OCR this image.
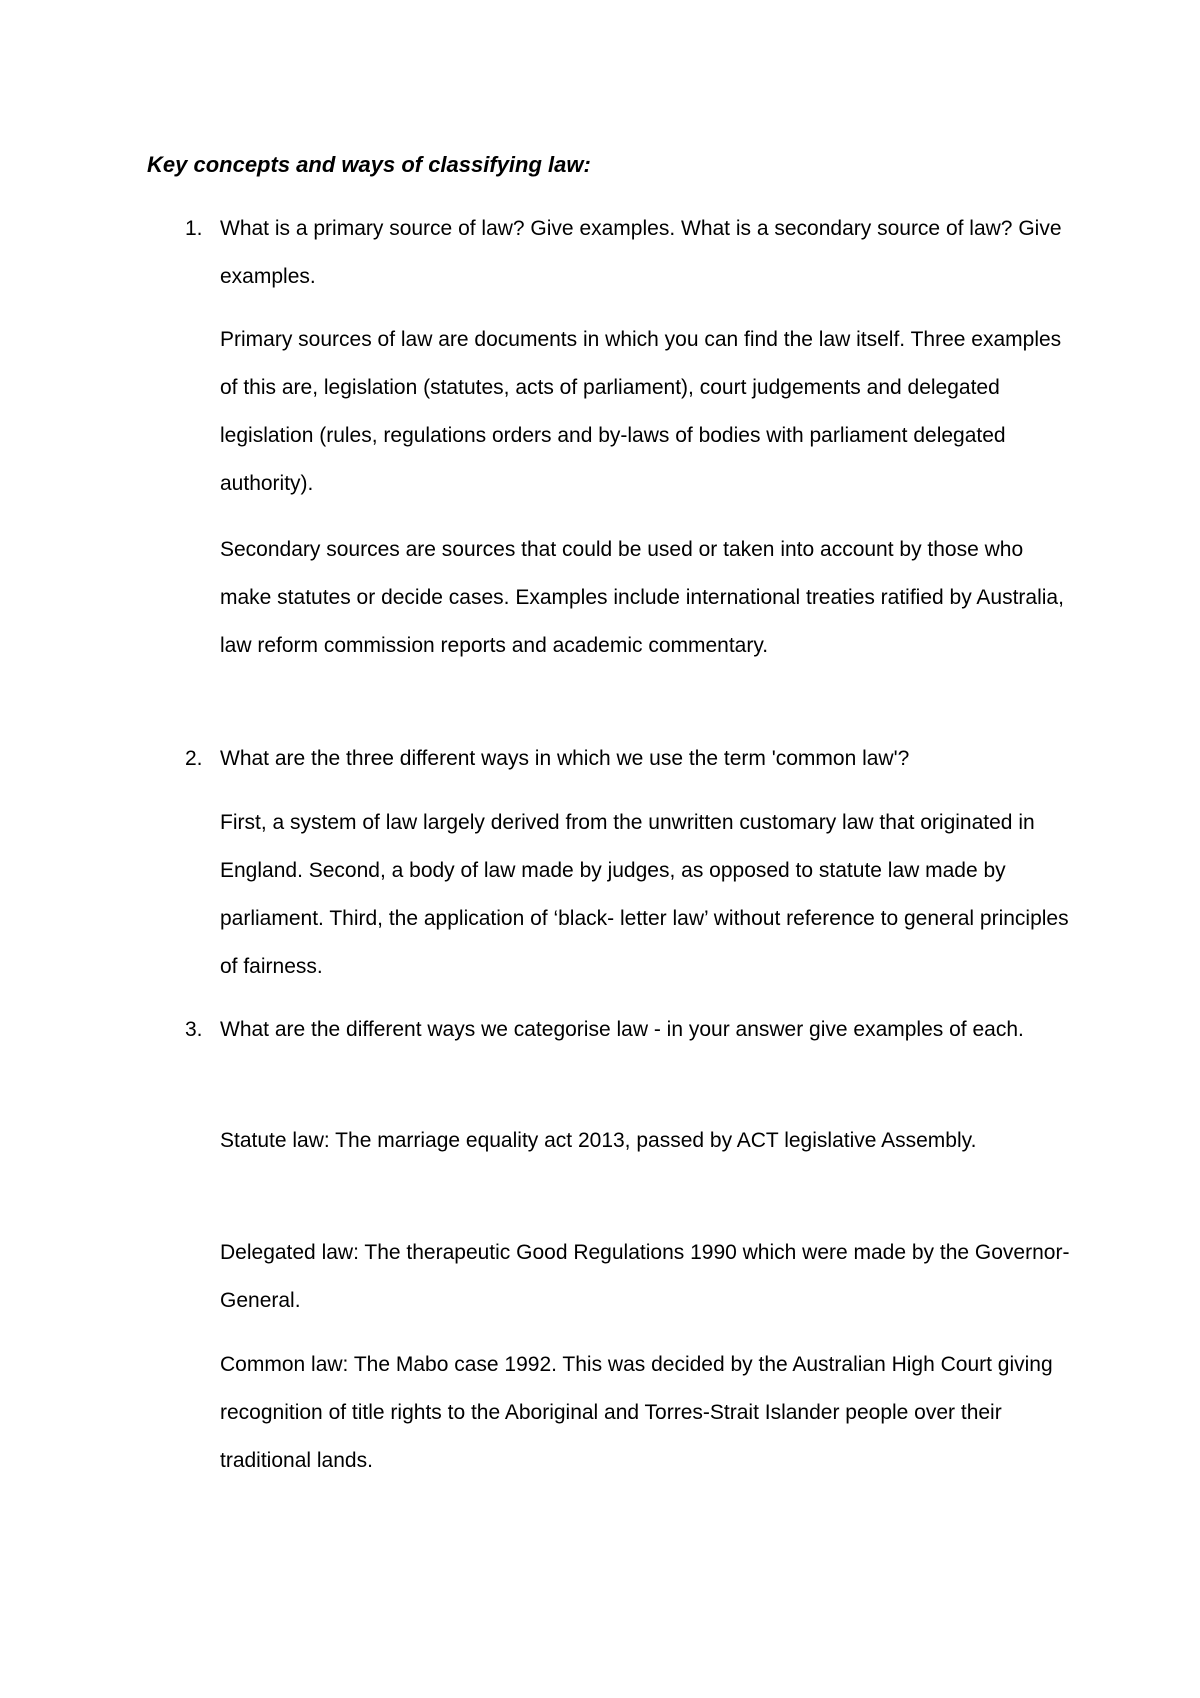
Key concepts and ways of classifying law:
1. What is a primary source of law? Give examples. What is a secondary source of law? Give examples.
Primary sources of law are documents in which you can find the law itself. Three examples of this are, legislation (statutes, acts of parliament), court judgements and delegated legislation (rules, regulations orders and by-laws of bodies with parliament delegated authority).
Secondary sources are sources that could be used or taken into account by those who make statutes or decide cases. Examples include international treaties ratified by Australia, law reform commission reports and academic commentary.
2. What are the three different ways in which we use the term 'common law'?
First, a system of law largely derived from the unwritten customary law that originated in England. Second, a body of law made by judges, as opposed to statute law made by parliament. Third, the application of ‘black- letter law’ without reference to general principles of fairness.
3. What are the different ways we categorise law - in your answer give examples of each.
Statute law: The marriage equality act 2013, passed by ACT legislative Assembly.
Delegated law: The therapeutic Good Regulations 1990 which were made by the Governor-General.
Common law: The Mabo case 1992. This was decided by the Australian High Court giving recognition of title rights to the Aboriginal and Torres-Strait Islander people over their traditional lands.
